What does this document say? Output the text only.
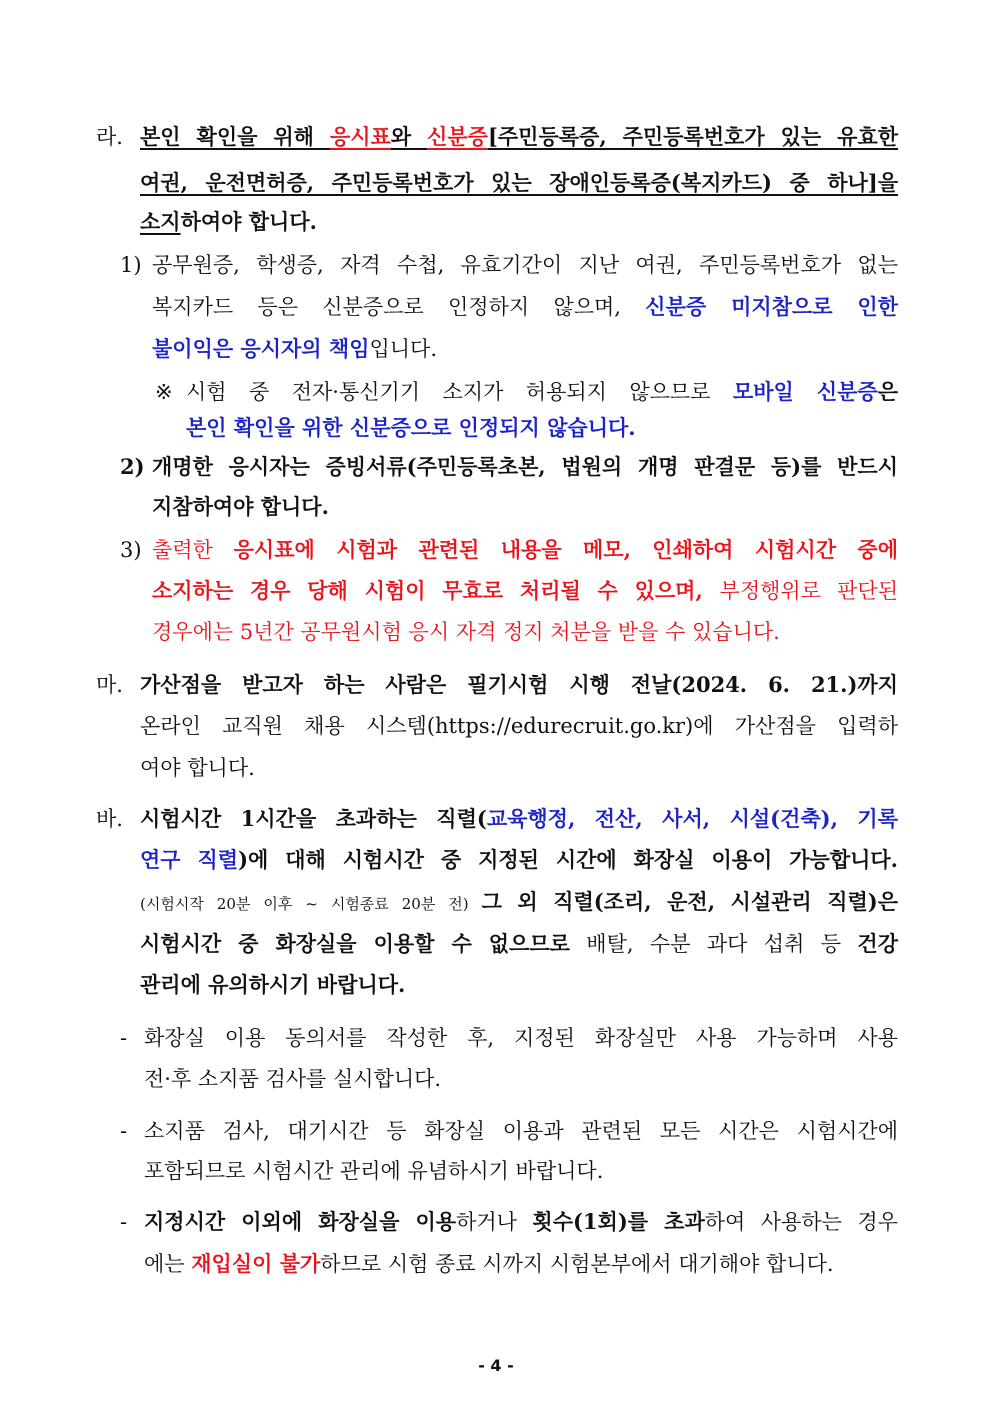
라. 본인 확인을 위해 응시표와 신분증[주민등록증, 주민등록번호가 있는 유효한
여권, 운전면허증, 주민등록번호가 있는 장애인등록증(복지카드) 중 하나]을
소지하여야 합니다.
1) 공무원증, 학생증, 자격 수첩, 유효기간이 지난 여권, 주민등록번호가 없는
복지카드 등은 신분증으로 인정하지 않으며, 신분증 미지참으로 인한
불이익은 응시자의 책임입니다.
※ 시험 중 전자·통신기기 소지가 허용되지 않으므로 모바일 신분증은
본인 확인을 위한 신분증으로 인정되지 않습니다.
2) 개명한 응시자는 증빙서류(주민등록초본, 법원의 개명 판결문 등)를 반드시
지참하여야 합니다.
3) 출력한 응시표에 시험과 관련된 내용을 메모, 인쇄하여 시험시간 중에
소지하는 경우 당해 시험이 무효로 처리될 수 있으며, 부정행위로 판단된
경우에는 5년간 공무원시험 응시 자격 정지 처분을 받을 수 있습니다.
마. 가산점을 받고자 하는 사람은 필기시험 시행 전날(2024. 6. 21.)까지
온라인 교직원 채용 시스템(https://edurecruit.go.kr)에 가산점을 입력하
여야 합니다.
바. 시험시간 1시간을 초과하는 직렬(교육행정, 전산, 사서, 시설(건축), 기록
연구 직렬)에 대해 시험시간 중 지정된 시간에 화장실 이용이 가능합니다.
(시험시작 20분 이후 ~ 시험종료 20분 전) 그 외 직렬(조리, 운전, 시설관리 직렬)은
시험시간 중 화장실을 이용할 수 없으므로 배탈, 수분 과다 섭취 등 건강
관리에 유의하시기 바랍니다.
- 화장실 이용 동의서를 작성한 후, 지정된 화장실만 사용 가능하며 사용
전·후 소지품 검사를 실시합니다.
- 소지품 검사, 대기시간 등 화장실 이용과 관련된 모든 시간은 시험시간에
포함되므로 시험시간 관리에 유념하시기 바랍니다.
- 지정시간 이외에 화장실을 이용하거나 횟수(1회)를 초과하여 사용하는 경우
에는 재입실이 불가하므로 시험 종료 시까지 시험본부에서 대기해야 합니다.
- 4 -
